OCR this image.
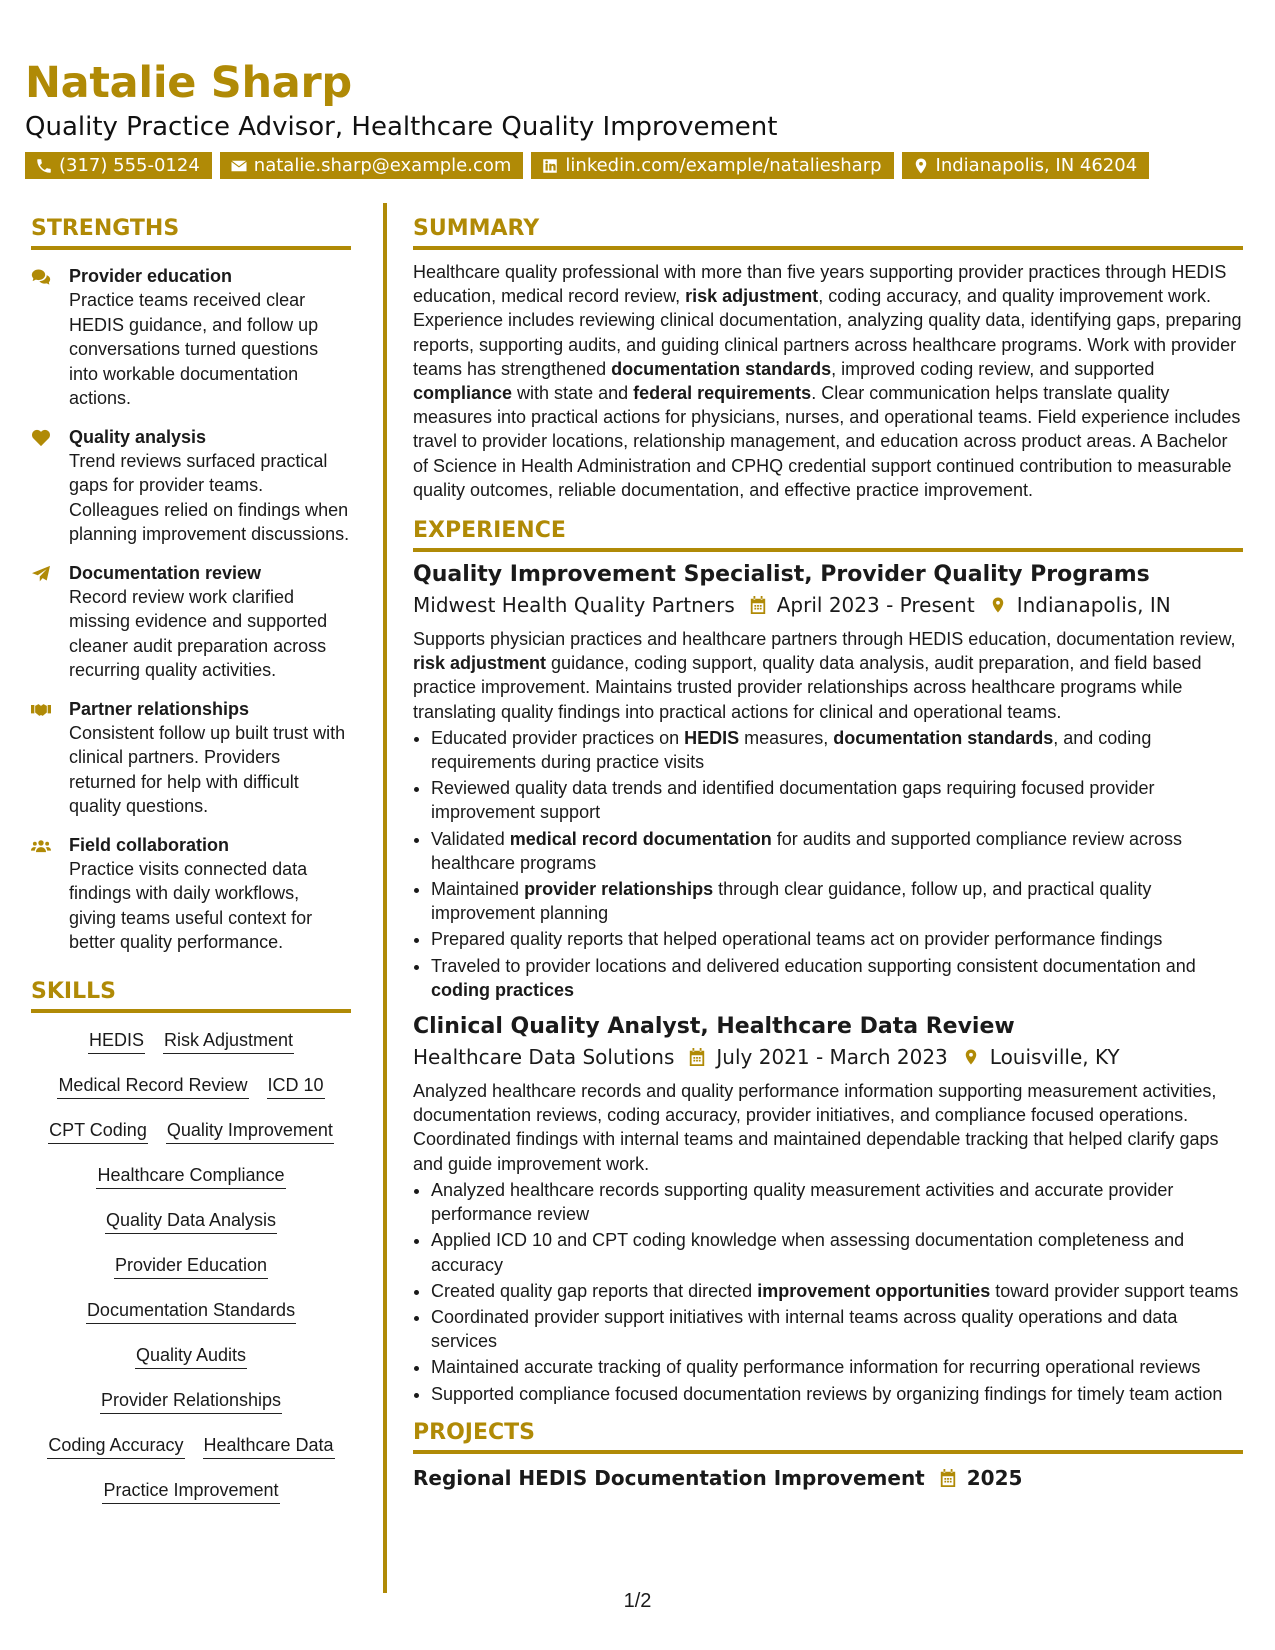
Natalie Sharp
Quality Practice Advisor, Healthcare Quality Improvement
(317) 555-0124	natalie.sharp@example.com	linkedin.com/example/nataliesharp	Indianapolis, IN 46204
STRENGTHS
Provider education
Practice teams received clear HEDIS guidance, and follow up conversations turned questions into workable documentation actions.
Quality analysis
Trend reviews surfaced practical gaps for provider teams. Colleagues relied on findings when planning improvement discussions.
Documentation review
Record review work clarified missing evidence and supported cleaner audit preparation across recurring quality activities.
Partner relationships
Consistent follow up built trust with clinical partners. Providers returned for help with difficult quality questions.
Field collaboration
Practice visits connected data findings with daily workflows, giving teams useful context for better quality performance.
SKILLS
HEDIS Risk Adjustment
Medical Record Review ICD 10
CPT Coding Quality Improvement
Healthcare Compliance
Quality Data Analysis
Provider Education
Documentation Standards
Quality Audits
Provider Relationships
Coding Accuracy Healthcare Data
Practice Improvement
SUMMARY

Healthcare quality professional with more than five years supporting provider practices through HEDIS education, medical record review, risk adjustment, coding accuracy, and quality improvement work. Experience includes reviewing clinical documentation, analyzing quality data, identifying gaps, preparing reports, supporting audits, and guiding clinical partners across healthcare programs. Work with provider teams has strengthened documentation standards, improved coding review, and supported compliance with state and federal requirements. Clear communication helps translate quality measures into practical actions for physicians, nurses, and operational teams. Field experience includes travel to provider locations, relationship management, and education across product areas. A Bachelor of Science in Health Administration and CPHQ credential support continued contribution to measurable quality outcomes, reliable documentation, and effective practice improvement.

EXPERIENCE
Quality Improvement Specialist, Provider Quality Programs
Midwest Health Quality Partners April 2023 - Present Indianapolis, IN

Supports physician practices and healthcare partners through HEDIS education, documentation review, risk adjustment guidance, coding support, quality data analysis, audit preparation, and field based practice improvement. Maintains trusted provider relationships across healthcare programs while translating quality findings into practical actions for clinical and operational teams.

• Educated provider practices on HEDIS measures, documentation standards, and coding requirements during practice visits
• Reviewed quality data trends and identified documentation gaps requiring focused provider improvement support
• Validated medical record documentation for audits and supported compliance review across healthcare programs
• Maintained provider relationships through clear guidance, follow up, and practical quality improvement planning
• Prepared quality reports that helped operational teams act on provider performance findings
• Traveled to provider locations and delivered education supporting consistent documentation and coding practices
Clinical Quality Analyst, Healthcare Data Review
Healthcare Data Solutions July 2021 - March 2023 Louisville, KY

Analyzed healthcare records and quality performance information supporting measurement activities, documentation reviews, coding accuracy, provider initiatives, and compliance focused operations. Coordinated findings with internal teams and maintained dependable tracking that helped clarify gaps and guide improvement work.

• Analyzed healthcare records supporting quality measurement activities and accurate provider performance review
• Applied ICD 10 and CPT coding knowledge when assessing documentation completeness and accuracy
• Created quality gap reports that directed improvement opportunities toward provider support teams
• Coordinated provider support initiatives with internal teams across quality operations and data services
• Maintained accurate tracking of quality performance information for recurring operational reviews
• Supported compliance focused documentation reviews by organizing findings for timely team action
PROJECTS
Regional HEDIS Documentation Improvement 2025
1/2
